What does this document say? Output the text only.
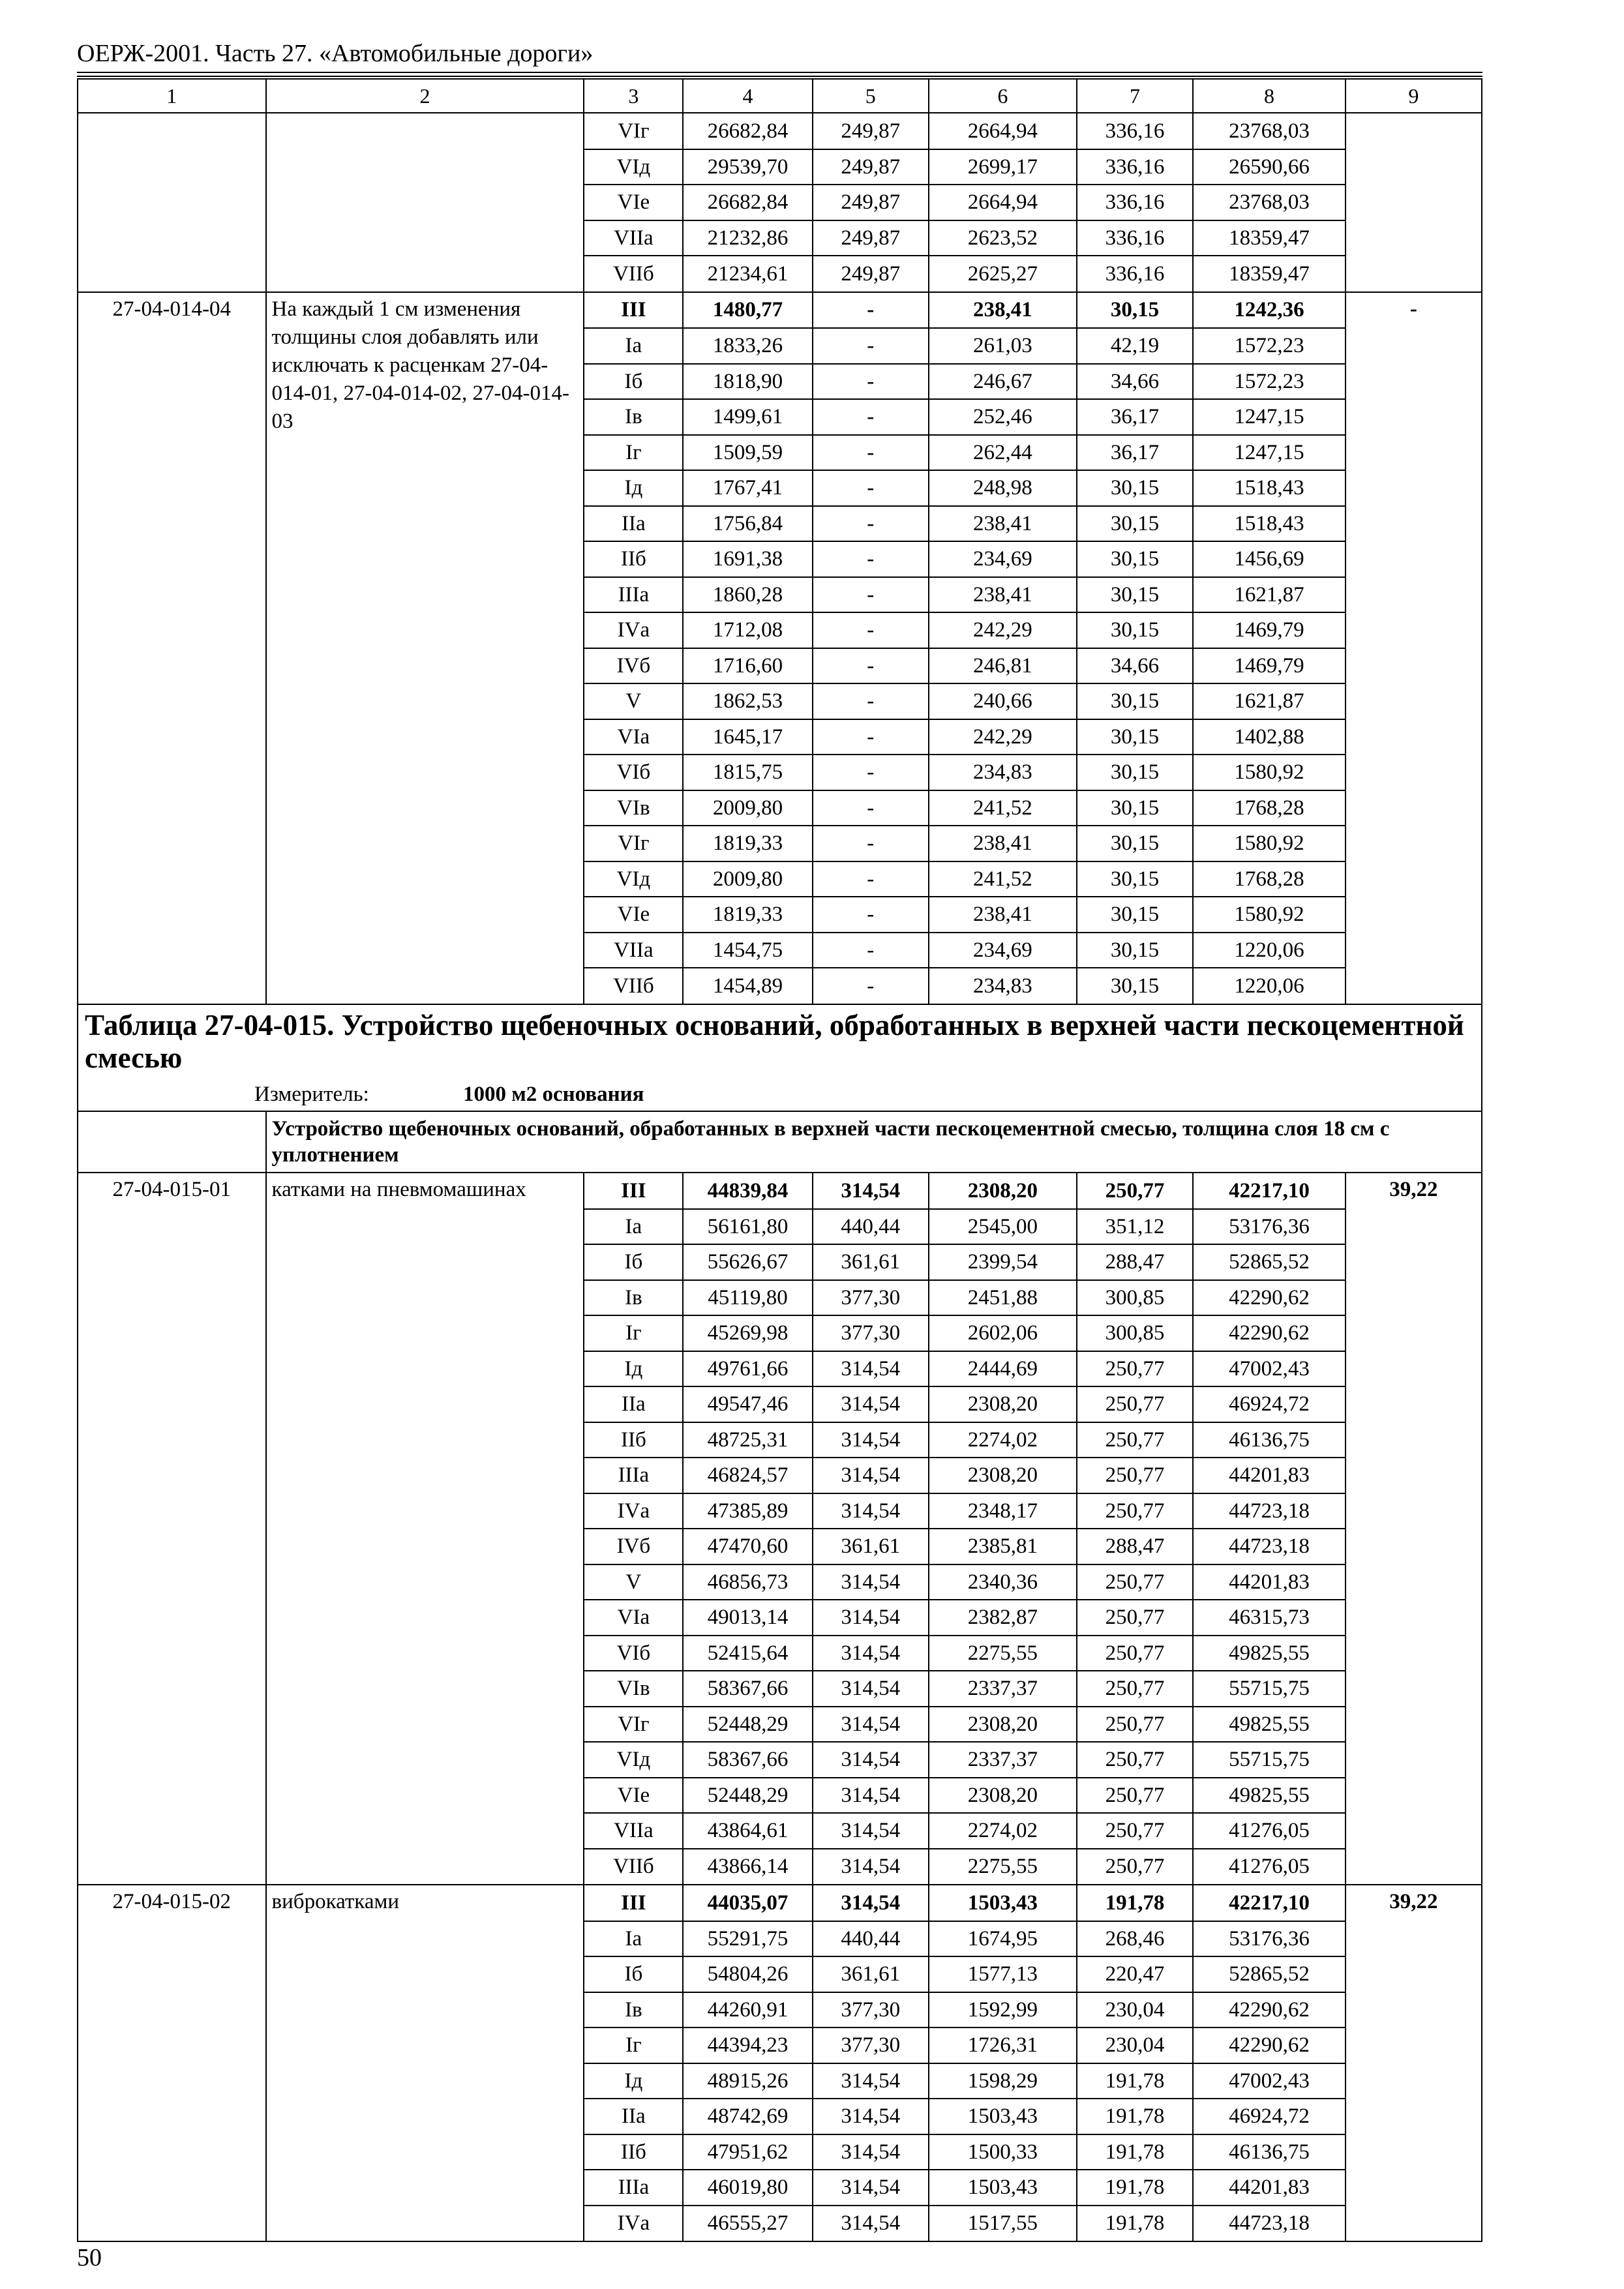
ОЕРЖ-2001. Часть 27. «Автомобильные дороги»
1	2	3	4	5	6	7	8	9
		VIг	26682,84	249,87	2664,94	336,16	23768,03	
		VIд	29539,70	249,87	2699,17	336,16	26590,66	
		VIе	26682,84	249,87	2664,94	336,16	23768,03	
		VIIа	21232,86	249,87	2623,52	336,16	18359,47	
		VIIб	21234,61	249,87	2625,27	336,16	18359,47	
27-04-014-04	На каждый 1 см изменения толщины слоя добавлять или исключать к расценкам 27-04-014-01, 27-04-014-02, 27-04-014-03	III	1480,77	-	238,41	30,15	1242,36	-
		Iа	1833,26	-	261,03	42,19	1572,23	
		Iб	1818,90	-	246,67	34,66	1572,23	
		Iв	1499,61	-	252,46	36,17	1247,15	
		Iг	1509,59	-	262,44	36,17	1247,15	
		Iд	1767,41	-	248,98	30,15	1518,43	
		IIа	1756,84	-	238,41	30,15	1518,43	
		IIб	1691,38	-	234,69	30,15	1456,69	
		IIIа	1860,28	-	238,41	30,15	1621,87	
		IVа	1712,08	-	242,29	30,15	1469,79	
		IVб	1716,60	-	246,81	34,66	1469,79	
		V	1862,53	-	240,66	30,15	1621,87	
		VIа	1645,17	-	242,29	30,15	1402,88	
		VIб	1815,75	-	234,83	30,15	1580,92	
		VIв	2009,80	-	241,52	30,15	1768,28	
		VIг	1819,33	-	238,41	30,15	1580,92	
		VIд	2009,80	-	241,52	30,15	1768,28	
		VIе	1819,33	-	238,41	30,15	1580,92	
		VIIа	1454,75	-	234,69	30,15	1220,06	
		VIIб	1454,89	-	234,83	30,15	1220,06	
Таблица 27-04-015. Устройство щебеночных оснований, обработанных в верхней части пескоцементной смесью								
Измеритель: 1000 м2 основания								
	Устройство щебеночных оснований, обработанных в верхней части пескоцементной смесью, толщина слоя 18 см с уплотнением							
27-04-015-01	катками на пневмомашинах	III	44839,84	314,54	2308,20	250,77	42217,10	39,22
		Iа	56161,80	440,44	2545,00	351,12	53176,36	
		Iб	55626,67	361,61	2399,54	288,47	52865,52	
		Iв	45119,80	377,30	2451,88	300,85	42290,62	
		Iг	45269,98	377,30	2602,06	300,85	42290,62	
		Iд	49761,66	314,54	2444,69	250,77	47002,43	
		IIа	49547,46	314,54	2308,20	250,77	46924,72	
		IIб	48725,31	314,54	2274,02	250,77	46136,75	
		IIIа	46824,57	314,54	2308,20	250,77	44201,83	
		IVа	47385,89	314,54	2348,17	250,77	44723,18	
		IVб	47470,60	361,61	2385,81	288,47	44723,18	
		V	46856,73	314,54	2340,36	250,77	44201,83	
		VIа	49013,14	314,54	2382,87	250,77	46315,73	
		VIб	52415,64	314,54	2275,55	250,77	49825,55	
		VIв	58367,66	314,54	2337,37	250,77	55715,75	
		VIг	52448,29	314,54	2308,20	250,77	49825,55	
		VIд	58367,66	314,54	2337,37	250,77	55715,75	
		VIе	52448,29	314,54	2308,20	250,77	49825,55	
		VIIа	43864,61	314,54	2274,02	250,77	41276,05	
		VIIб	43866,14	314,54	2275,55	250,77	41276,05	
27-04-015-02	виброкатками	III	44035,07	314,54	1503,43	191,78	42217,10	39,22
		Iа	55291,75	440,44	1674,95	268,46	53176,36	
		Iб	54804,26	361,61	1577,13	220,47	52865,52	
		Iв	44260,91	377,30	1592,99	230,04	42290,62	
		Iг	44394,23	377,30	1726,31	230,04	42290,62	
		Iд	48915,26	314,54	1598,29	191,78	47002,43	
		IIа	48742,69	314,54	1503,43	191,78	46924,72	
		IIб	47951,62	314,54	1500,33	191,78	46136,75	
		IIIа	46019,80	314,54	1503,43	191,78	44201,83	
		IVа	46555,27	314,54	1517,55	191,78	44723,18	
50
